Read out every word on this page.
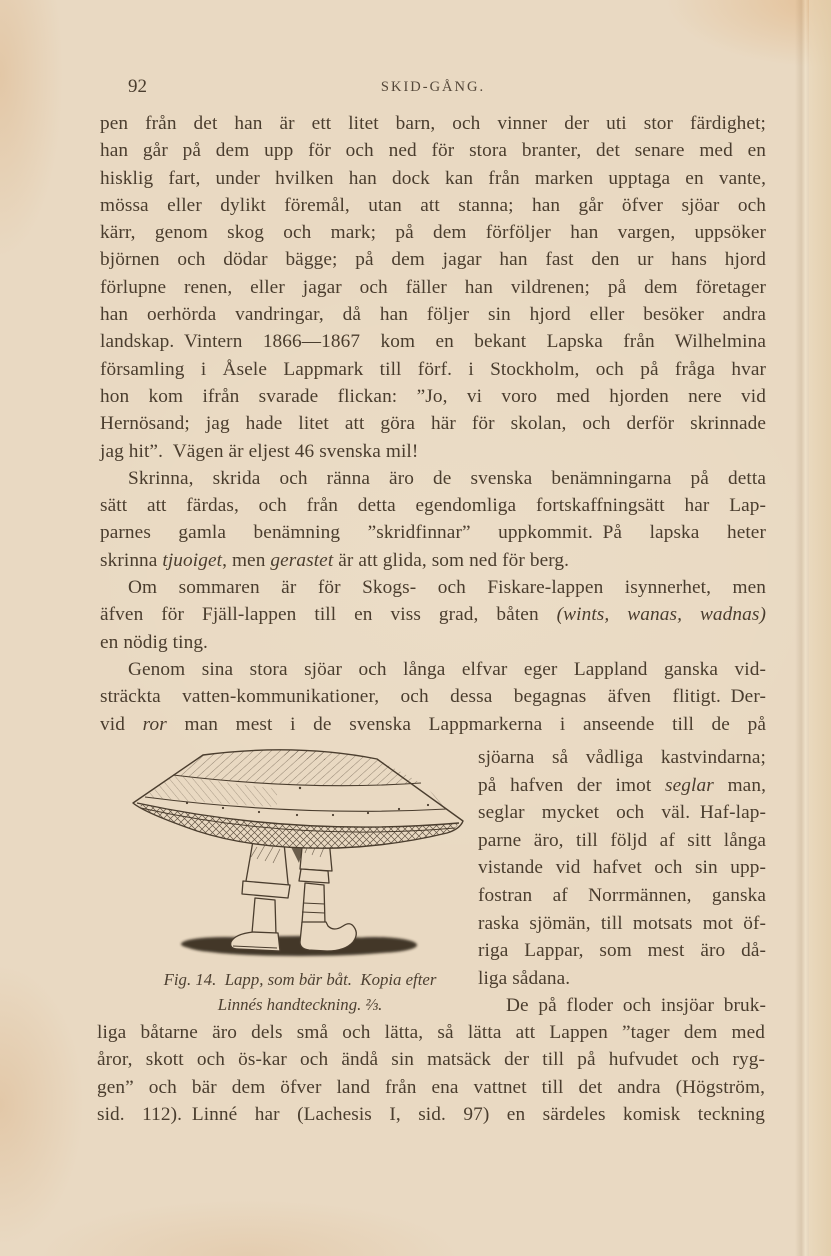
92	SKID-GÅNG.
pen från det han är ett litet barn, och vinner der uti stor färdighet;
han går på dem upp för och ned för stora branter, det senare med en
hisklig fart, under hvilken han dock kan från marken upptaga en vante,
mössa eller dylikt föremål, utan att stanna; han går öfver sjöar och
kärr, genom skog och mark; på dem förföljer han vargen, uppsöker
björnen och dödar bägge; på dem jagar han fast den ur hans hjord
förlupne renen, eller jagar och fäller han vildrenen; på dem företager
han oerhörda vandringar, då han följer sin hjord eller besöker andra
landskap. Vintern 1866—1867 kom en bekant Lapska från Wilhelmina
församling i Åsele Lappmark till förf. i Stockholm, och på fråga hvar
hon kom ifrån svarade flickan: ”Jo, vi voro med hjorden nere vid
Hernösand; jag hade litet att göra här för skolan, och derför skrinnade
jag hit”. Vägen är eljest 46 svenska mil!
Skrinna, skrida och ränna äro de svenska benämningarna på detta
sätt att färdas, och från detta egendomliga fortskaffningsätt har Lap-
parnes gamla benämning ”skridfinnar” uppkommit. På lapska heter
skrinna tjuoiget, men gerastet är att glida, som ned för berg.
Om sommaren är för Skogs- och Fiskare-lappen isynnerhet, men
äfven för Fjäll-lappen till en viss grad, båten (wints, wanas, wadnas)
en nödig ting.
Genom sina stora sjöar och långa elfvar eger Lappland ganska vid-
sträckta vatten-kommunikationer, och dessa begagnas äfven flitigt. Der-
vid ror man mest i de svenska Lappmarkerna i anseende till de på
Fig. 14. Lapp, som bär båt. Kopia efter
Linnés handteckning. ⅔.
sjöarna så vådliga kastvindarna;
på hafven der imot seglar man,
seglar mycket och väl. Haf-lap-
parne äro, till följd af sitt långa
vistande vid hafvet och sin upp-
fostran af Norrmännen, ganska
raska sjömän, till motsats mot öf-
riga Lappar, som mest äro då-
liga sådana.
De på floder och insjöar bruk-
liga båtarne äro dels små och lätta, så lätta att Lappen ”tager dem med
åror, skott och ös-kar och ändå sin matsäck der till på hufvudet och ryg-
gen” och bär dem öfver land från ena vattnet till det andra (Högström,
sid. 112). Linné har (Lachesis I, sid. 97) en särdeles komisk teckning
